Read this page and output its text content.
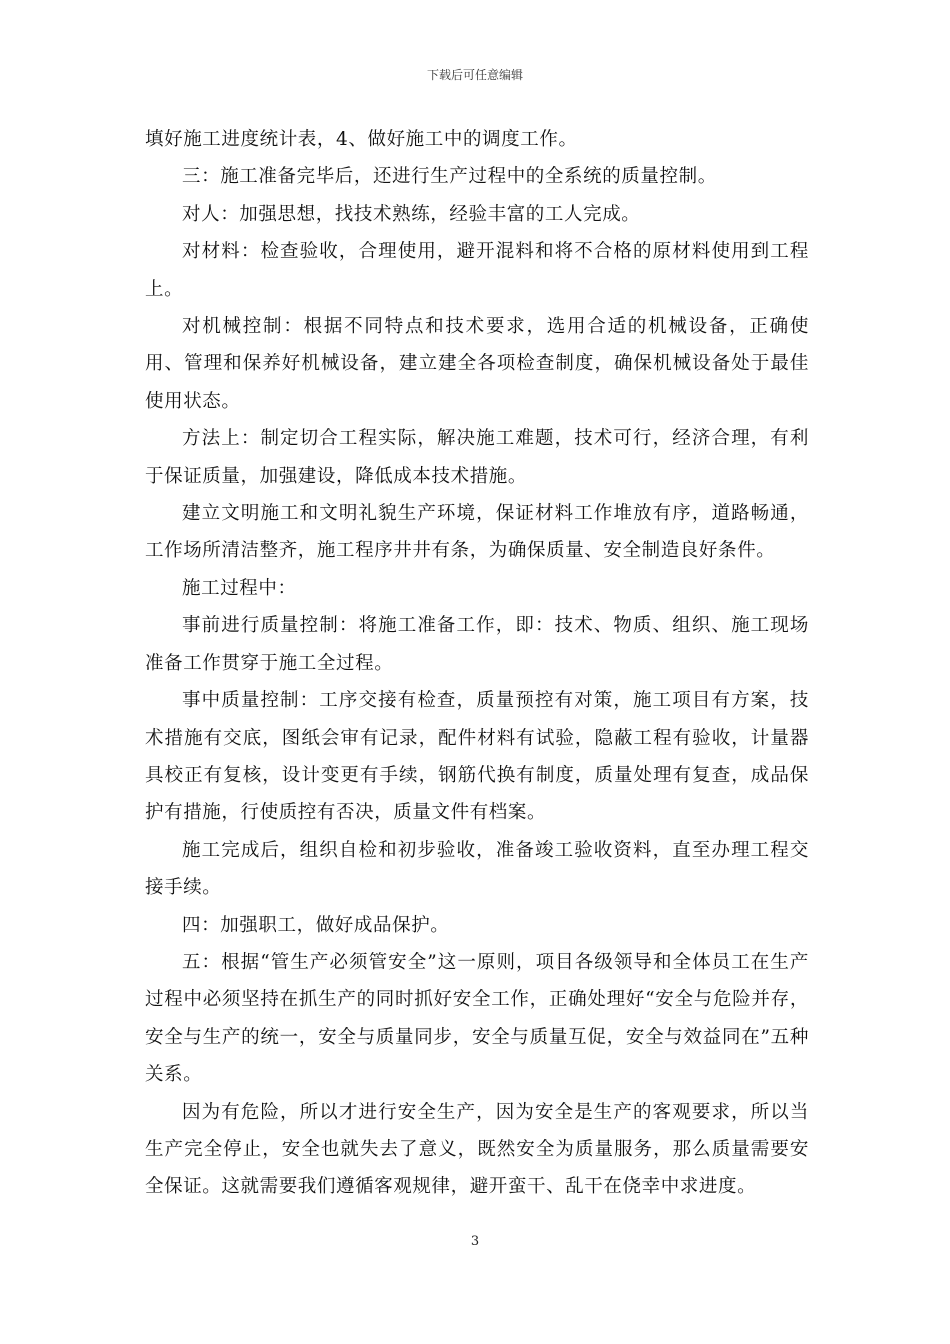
下载后可任意编辑

填好施工进度统计表，4、做好施工中的调度工作。

三：施工准备完毕后，还进行生产过程中的全系统的质量控制。

对人：加强思想，找技术熟练，经验丰富的工人完成。

对材料：检查验收，合理使用，避开混料和将不合格的原材料使用到工程上。

对机械控制：根据不同特点和技术要求，选用合适的机械设备，正确使用、管理和保养好机械设备，建立建全各项检查制度，确保机械设备处于最佳使用状态。

方法上：制定切合工程实际，解决施工难题，技术可行，经济合理，有利于保证质量，加强建设，降低成本技术措施。

建立文明施工和文明礼貌生产环境，保证材料工作堆放有序，道路畅通，工作场所清洁整齐，施工程序井井有条，为确保质量、安全制造良好条件。

施工过程中：

事前进行质量控制：将施工准备工作，即：技术、物质、组织、施工现场准备工作贯穿于施工全过程。

事中质量控制：工序交接有检查，质量预控有对策，施工项目有方案，技术措施有交底，图纸会审有记录，配件材料有试验，隐蔽工程有验收，计量器具校正有复核，设计变更有手续，钢筋代换有制度，质量处理有复查，成品保护有措施，行使质控有否决，质量文件有档案。

施工完成后，组织自检和初步验收，准备竣工验收资料，直至办理工程交接手续。

四：加强职工，做好成品保护。

五：根据“管生产必须管安全”这一原则，项目各级领导和全体员工在生产过程中必须坚持在抓生产的同时抓好安全工作，正确处理好“安全与危险并存，安全与生产的统一，安全与质量同步，安全与质量互促，安全与效益同在”五种关系。

因为有危险，所以才进行安全生产，因为安全是生产的客观要求，所以当生产完全停止，安全也就失去了意义，既然安全为质量服务，那么质量需要安全保证。这就需要我们遵循客观规律，避开蛮干、乱干在侥幸中求进度。

3
